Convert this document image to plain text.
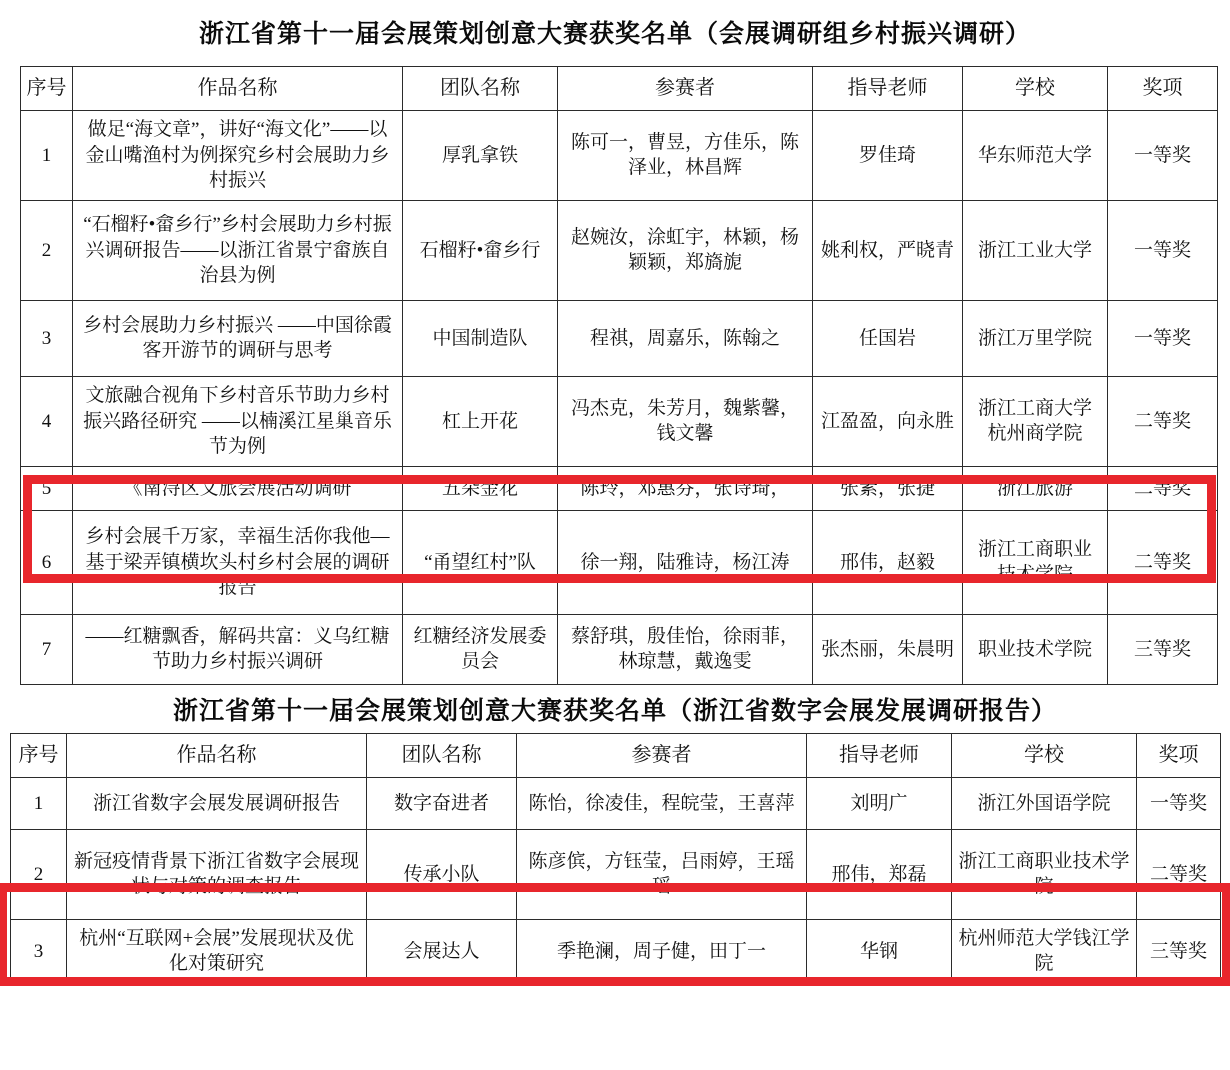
浙江省第十一届会展策划创意大赛获奖名单（会展调研组乡村振兴调研）
序号	作品名称	团队名称	参赛者	指导老师	学校	奖项
1	做足“海文章”，讲好“海文化”——以金山嘴渔村为例探究乡村会展助力乡村振兴	厚乳拿铁	陈可一，曹昱，方佳乐，陈泽业，林昌辉	罗佳琦	华东师范大学	一等奖
2	“石榴籽•畲乡行”乡村会展助力乡村振兴调研报告——以浙江省景宁畲族自治县为例	石榴籽•畲乡行	赵婉汝，涂虹宇，林颖，杨颖颖，郑旖旎	姚利权，严晓青	浙江工业大学	一等奖
3	乡村会展助力乡村振兴 ——中国徐霞客开游节的调研与思考	中国制造队	程祺，周嘉乐，陈翰之	任国岩	浙江万里学院	一等奖
4	文旅融合视角下乡村音乐节助力乡村振兴路径研究 ——以楠溪江星巢音乐节为例	杠上开花	冯杰克，朱芳月，魏紫馨，钱文馨	江盈盈，向永胜	浙江工商大学杭州商学院	二等奖
5	《南浔区文旅会展活动调研	五朵金花	陈玲，邓惠芬，张诗琦，	张素，张捷	浙江旅游	二等奖
6	乡村会展千万家，幸福生活你我他—基于梁弄镇横坎头村乡村会展的调研报告	“甬望红村”队	徐一翔，陆雅诗，杨江涛	邢伟，赵毅	浙江工商职业技术学院	二等奖
7	——红糖飘香，解码共富：义乌红糖节助力乡村振兴调研	红糖经济发展委员会	蔡舒琪，殷佳怡，徐雨菲，林琼慧，戴逸雯	张杰丽，朱晨明	职业技术学院	三等奖
浙江省第十一届会展策划创意大赛获奖名单（浙江省数字会展发展调研报告）
序号	作品名称	团队名称	参赛者	指导老师	学校	奖项
1	浙江省数字会展发展调研报告	数字奋进者	陈怡，徐凌佳，程皖莹，王喜萍	刘明广	浙江外国语学院	一等奖
2	新冠疫情背景下浙江省数字会展现状与对策的调查报告	传承小队	陈彦傧，方钰莹，吕雨婷，王瑶瑶	邢伟，郑磊	浙江工商职业技术学院	二等奖
3	杭州“互联网+会展”发展现状及优化对策研究	会展达人	季艳澜，周子健，田丁一	华钢	杭州师范大学钱江学院	三等奖
